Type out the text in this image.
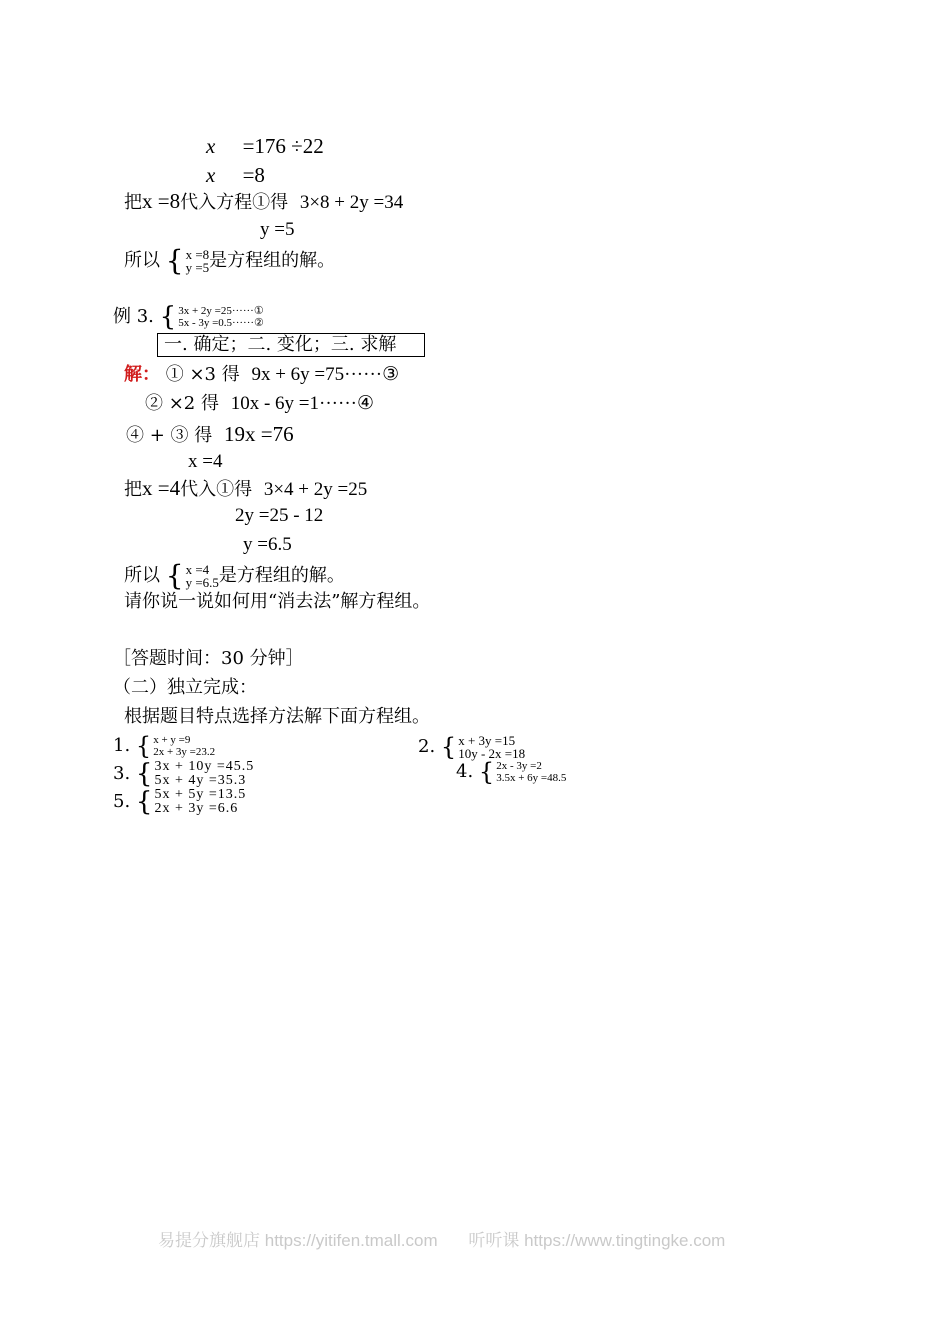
x =176 ÷22
x =8
把x =8代入方程①得 3×8 + 2y =34
y =5
所以 { x =8
y =5 是方程组的解。
例 3. { 3x + 2y =25······①
5x - 3y =0.5······②
一. 确定；二. 变化；三. 求解
解： ① ×3 得 9x + 6y =75······③
② ×2 得 10x - 6y =1······④
④ + ③ 得 19x =76
x =4
把x =4代入①得 3×4 + 2y =25
2y =25 - 12
y =6.5
所以 { x =4
y =6.5 是方程组的解。
请你说一说如何用“消去法”解方程组。
［答题时间：30 分钟］
（二）独立完成：
根据题目特点选择方法解下面方程组。
1. { x + y =9
2x + 3y =23.2	2. { x + 3y =15
10y - 2x =18
3. { 3x + 10y =45.5
5x + 4y =35.3	4. { 2x - 3y =2
3.5x + 6y =48.5
5. { 5x + 5y =13.5
2x + 3y =6.6
易提分旗舰店 https://yitifen.tmall.com 听听课 https://www.tingtingke.com
